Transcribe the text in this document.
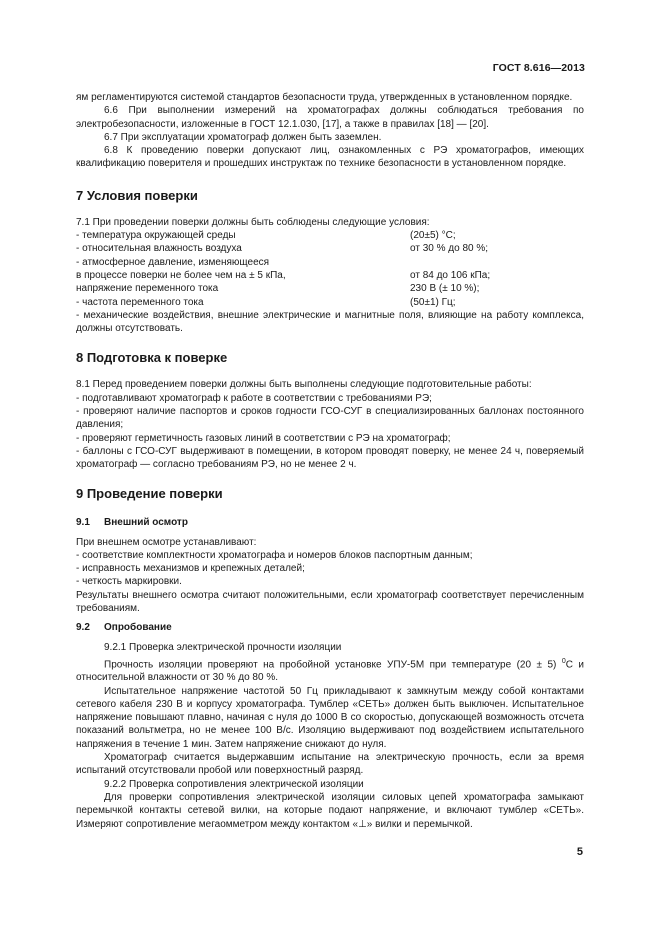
ГОСТ 8.616—2013

ям регламентируются системой стандартов безопасности труда, утвержденных в установленном порядке.

6.6 При выполнении измерений на хроматографах должны соблюдаться требования по электробезопасности, изложенные в ГОСТ 12.1.030, [17], а также в правилах [18] — [20].

6.7 При эксплуатации хроматограф должен быть заземлен.

6.8 К проведению поверки допускают лиц, ознакомленных с РЭ хроматографов, имеющих квалификацию поверителя и прошедших инструктаж по технике безопасности в установленном порядке.

7 Условия поверки

7.1 При проведении поверки должны быть соблюдены следующие условия:

- температура окружающей среды	(20±5) °С;
- относительная влажность воздуха	от 30 % до 80 %;
- атмосферное давление, изменяющееся
в процессе поверки не более чем на ± 5 кПа,	от 84 до 106 кПа;
напряжение переменного тока	230 В (± 10 %);
- частота переменного тока	(50±1) Гц;

- механические воздействия, внешние электрические и магнитные поля, влияющие на работу комплекса, должны отсутствовать.

8 Подготовка к поверке

8.1 Перед проведением поверки должны быть выполнены следующие подготовительные работы:

- подготавливают хроматограф к работе в соответствии с требованиями РЭ;

- проверяют наличие паспортов и сроков годности ГСО-СУГ в специализированных баллонах постоянного давления;

- проверяют герметичность газовых линий в соответствии с РЭ на хроматограф;

- баллоны с ГСО-СУГ выдерживают в помещении, в котором проводят поверку, не менее 24 ч, поверяемый хроматограф — согласно требованиям РЭ, но не менее 2 ч.

9 Проведение поверки
9.1 Внешний осмотр

При внешнем осмотре устанавливают:

- соответствие комплектности хроматографа и номеров блоков паспортным данным;

- исправность механизмов и крепежных деталей;

- четкость маркировки.

Результаты внешнего осмотра считают положительными, если хроматограф соответствует перечисленным требованиям.

9.2 Опробование

9.2.1 Проверка электрической прочности изоляции

Прочность изоляции проверяют на пробойной установке УПУ-5М при температуре (20 ± 5) $^0$С и относительной влажности от 30 % до 80 %.

Испытательное напряжение частотой 50 Гц прикладывают к замкнутым между собой контактами сетевого кабеля 230 В и корпусу хроматографа. Тумблер «СЕТЬ» должен быть выключен. Испытательное напряжение повышают плавно, начиная с нуля до 1000 В со скоростью, допускающей возможность отсчета показаний вольтметра, но не менее 100 В/с. Изоляцию выдерживают под воздействием испытательного напряжения в течение 1 мин. Затем напряжение снижают до нуля.

Хроматограф считается выдержавшим испытание на электрическую прочность, если за время испытаний отсутствовали пробой или поверхностный разряд.

9.2.2 Проверка сопротивления электрической изоляции

Для проверки сопротивления электрической изоляции силовых цепей хроматографа замыкают перемычкой контакты сетевой вилки, на которые подают напряжение, и включают тумблер «СЕТЬ». Измеряют сопротивление мегаомметром между контактом «⊥» вилки и перемычкой.

5
